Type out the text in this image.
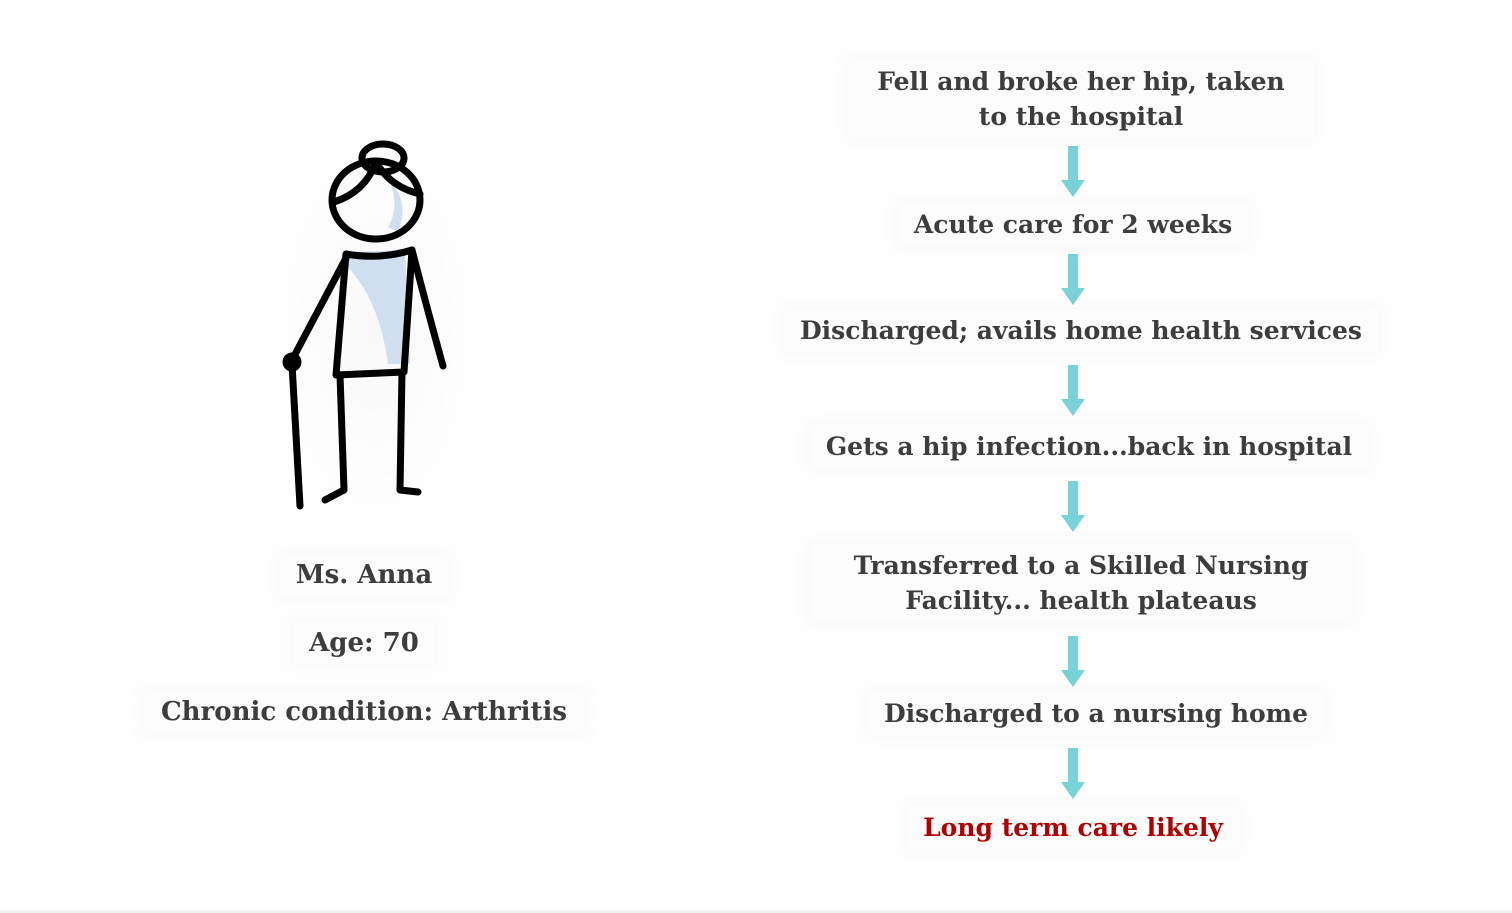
Ms. Anna
Age: 70
Chronic condition: Arthritis
Fell and broke her hip, taken to the hospital
Acute care for 2 weeks
Discharged; avails home health services
Gets a hip infection...back in hospital
Transferred to a Skilled Nursing Facility... health plateaus
Discharged to a nursing home
Long term care likely
